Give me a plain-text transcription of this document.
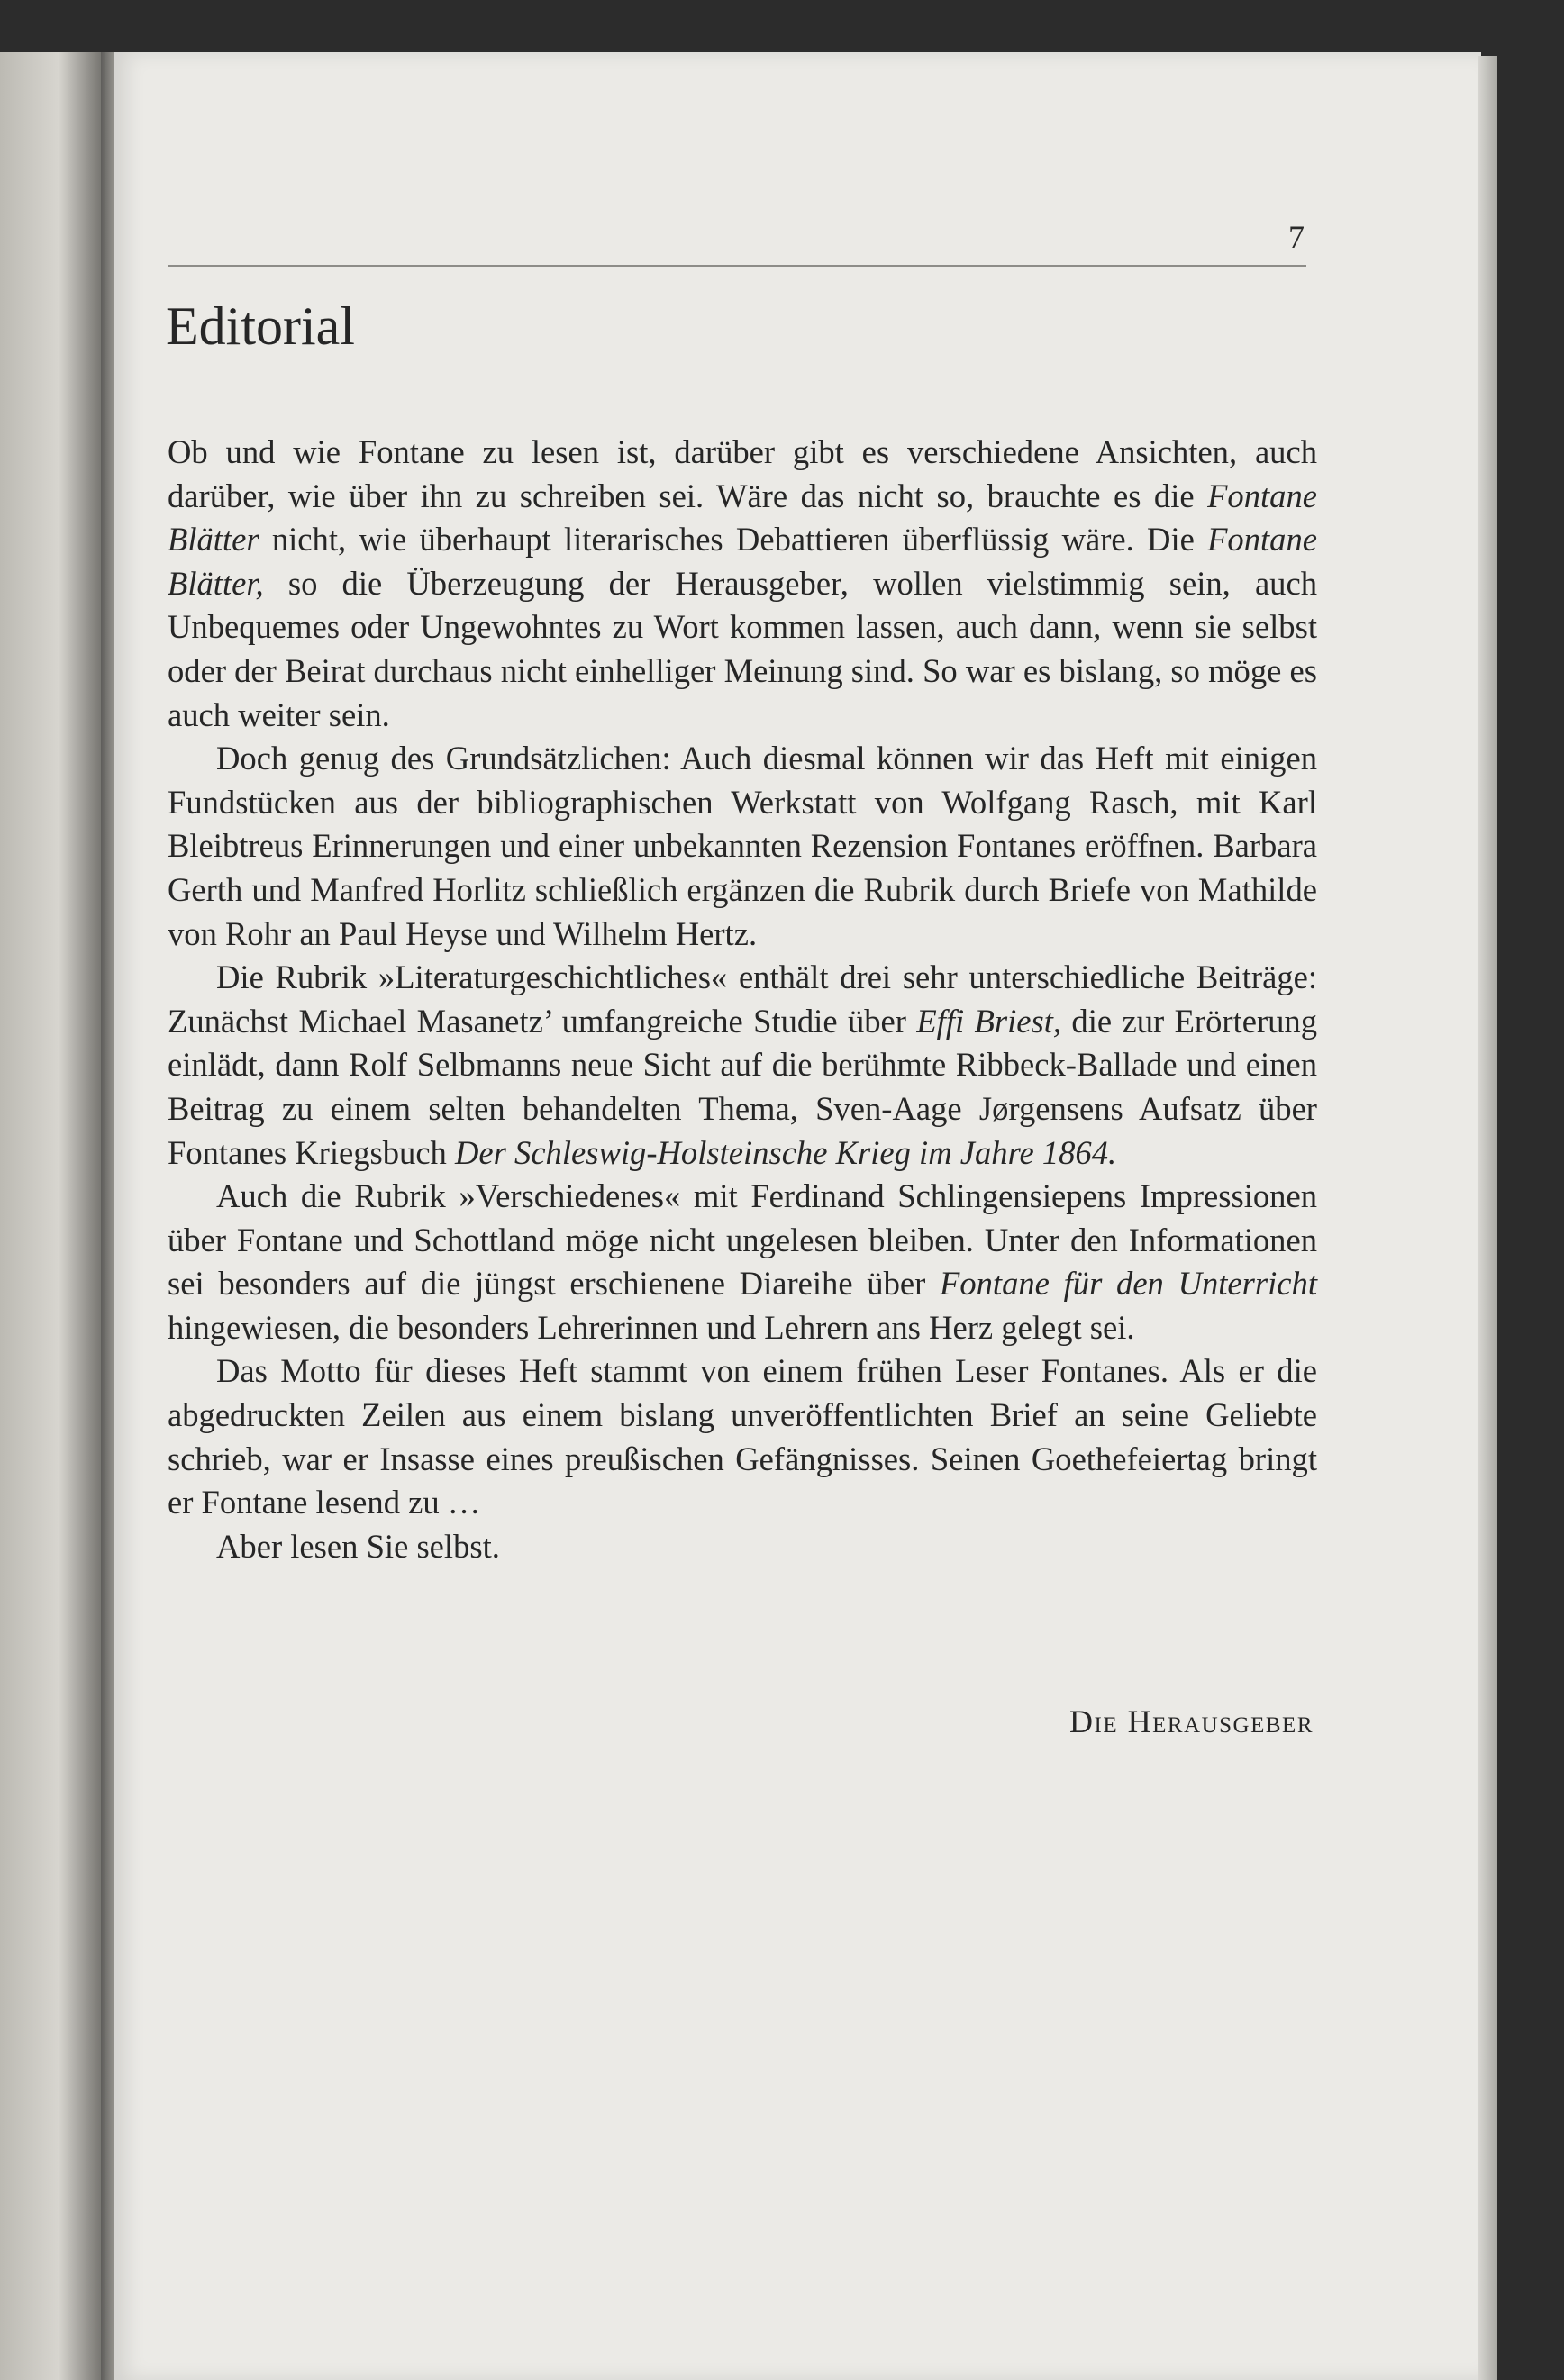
7
Editorial

Ob und wie Fontane zu lesen ist, darüber gibt es verschiedene Ansichten, auch darüber, wie über ihn zu schreiben sei. Wäre das nicht so, brauchte es die Fontane Blätter nicht, wie überhaupt literarisches Debattieren überflüssig wäre. Die Fontane Blätter, so die Überzeugung der Herausgeber, wollen vielstimmig sein, auch Unbequemes oder Ungewohntes zu Wort kommen lassen, auch dann, wenn sie selbst oder der Beirat durchaus nicht einhelliger Meinung sind. So war es bislang, so möge es auch weiter sein.

Doch genug des Grundsätzlichen: Auch diesmal können wir das Heft mit einigen Fundstücken aus der bibliographischen Werkstatt von Wolfgang Rasch, mit Karl Bleibtreus Erinnerungen und einer unbekannten Rezension Fontanes eröffnen. Barbara Gerth und Manfred Horlitz schließlich ergänzen die Rubrik durch Briefe von Mathilde von Rohr an Paul Heyse und Wilhelm Hertz.

Die Rubrik »Literaturgeschichtliches« enthält drei sehr unterschiedliche Beiträge: Zunächst Michael Masanetz’ umfangreiche Studie über Effi Briest, die zur Erörterung einlädt, dann Rolf Selbmanns neue Sicht auf die berühmte Ribbeck-Ballade und einen Beitrag zu einem selten behandelten Thema, Sven-Aage Jørgensens Aufsatz über Fontanes Kriegsbuch Der Schleswig-Holsteinsche Krieg im Jahre 1864.

Auch die Rubrik »Verschiedenes« mit Ferdinand Schlingensiepens Impressionen über Fontane und Schottland möge nicht ungelesen bleiben. Unter den Informationen sei besonders auf die jüngst erschienene Diareihe über Fontane für den Unterricht hingewiesen, die besonders Lehrerinnen und Lehrern ans Herz gelegt sei.

Das Motto für dieses Heft stammt von einem frühen Leser Fontanes. Als er die abgedruckten Zeilen aus einem bislang unveröffentlichten Brief an seine Geliebte schrieb, war er Insasse eines preußischen Gefängnisses. Seinen Goethefeiertag bringt er Fontane lesend zu …

Aber lesen Sie selbst.

Die Herausgeber
